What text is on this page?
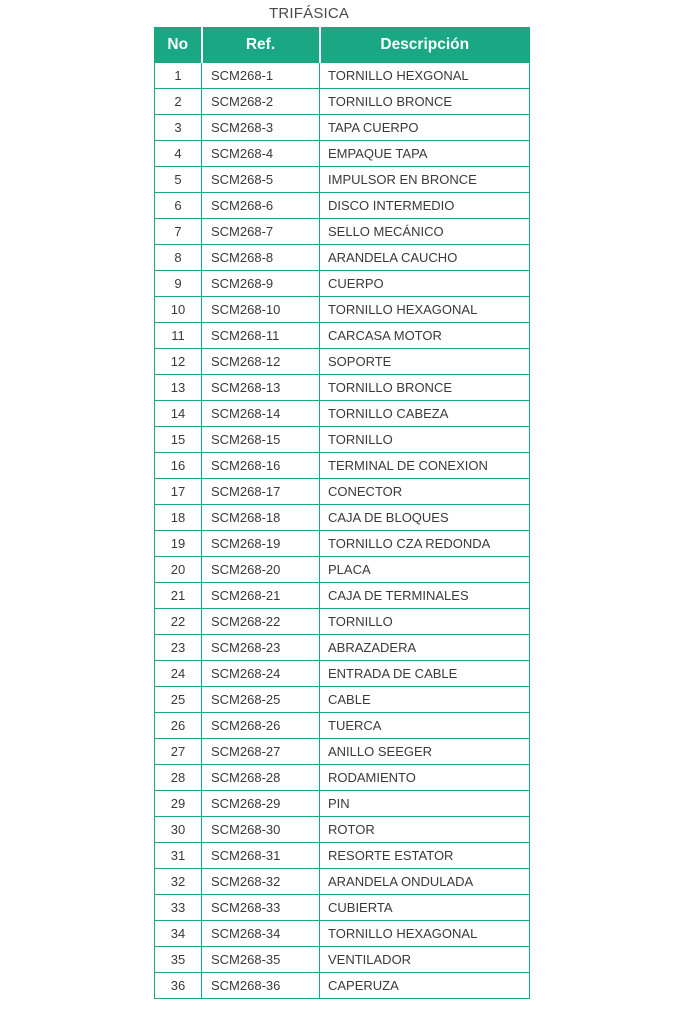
TRIFÁSICA
No	Ref.	Descripción
1	SCM268-1	TORNILLO HEXGONAL
2	SCM268-2	TORNILLO BRONCE
3	SCM268-3	TAPA CUERPO
4	SCM268-4	EMPAQUE TAPA
5	SCM268-5	IMPULSOR EN BRONCE
6	SCM268-6	DISCO INTERMEDIO
7	SCM268-7	SELLO MECÁNICO
8	SCM268-8	ARANDELA CAUCHO
9	SCM268-9	CUERPO
10	SCM268-10	TORNILLO HEXAGONAL
11	SCM268-11	CARCASA MOTOR
12	SCM268-12	SOPORTE
13	SCM268-13	TORNILLO BRONCE
14	SCM268-14	TORNILLO CABEZA
15	SCM268-15	TORNILLO
16	SCM268-16	TERMINAL DE CONEXION
17	SCM268-17	CONECTOR
18	SCM268-18	CAJA DE BLOQUES
19	SCM268-19	TORNILLO CZA REDONDA
20	SCM268-20	PLACA
21	SCM268-21	CAJA DE TERMINALES
22	SCM268-22	TORNILLO
23	SCM268-23	ABRAZADERA
24	SCM268-24	ENTRADA DE CABLE
25	SCM268-25	CABLE
26	SCM268-26	TUERCA
27	SCM268-27	ANILLO SEEGER
28	SCM268-28	RODAMIENTO
29	SCM268-29	PIN
30	SCM268-30	ROTOR
31	SCM268-31	RESORTE ESTATOR
32	SCM268-32	ARANDELA ONDULADA
33	SCM268-33	CUBIERTA
34	SCM268-34	TORNILLO HEXAGONAL
35	SCM268-35	VENTILADOR
36	SCM268-36	CAPERUZA
